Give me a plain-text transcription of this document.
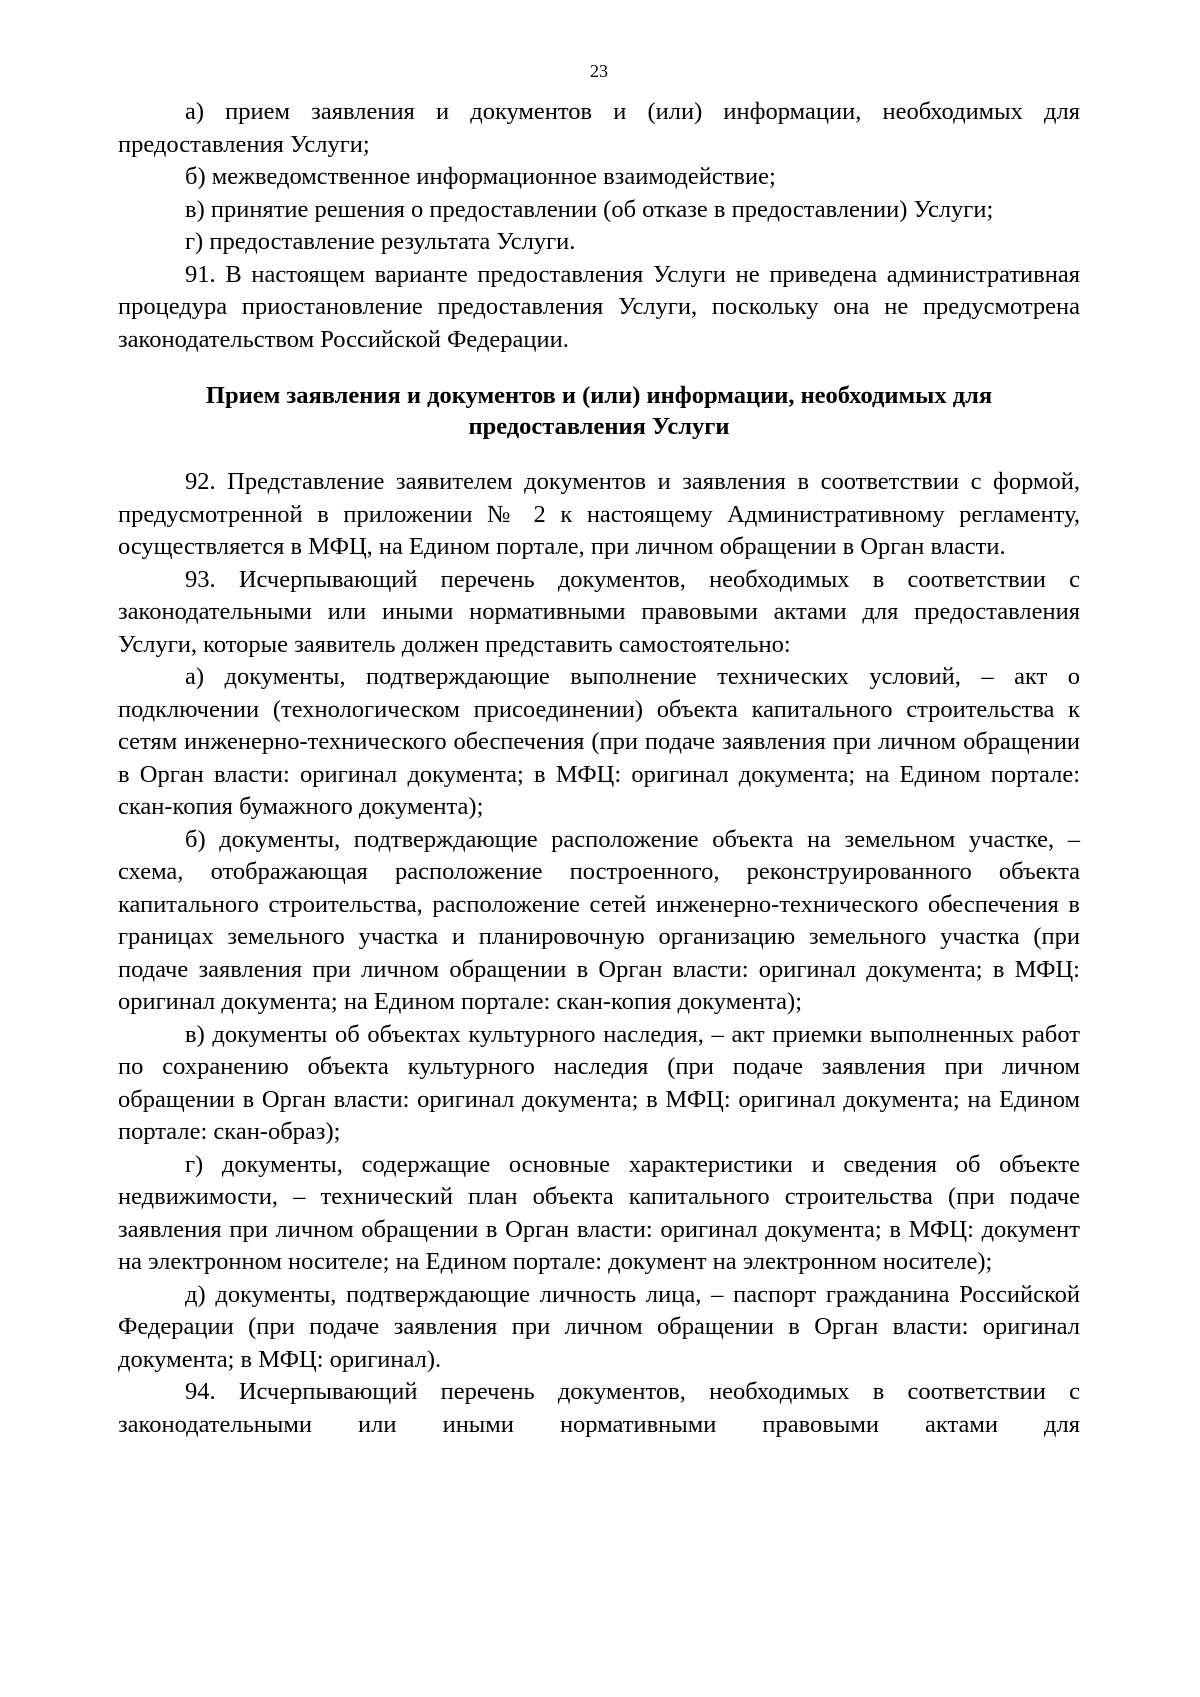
23

а) прием заявления и документов и (или) информации, необходимых для предоставления Услуги;

б) межведомственное информационное взаимодействие;

в) принятие решения о предоставлении (об отказе в предоставлении) Услуги;

г) предоставление результата Услуги.

91. В настоящем варианте предоставления Услуги не приведена административная процедура приостановление предоставления Услуги, поскольку она не предусмотрена законодательством Российской Федерации.

Прием заявления и документов и (или) информации, необходимых для предоставления Услуги

92. Представление заявителем документов и заявления в соответствии с формой, предусмотренной в приложении № 2 к настоящему Административному регламенту, осуществляется в МФЦ, на Едином портале, при личном обращении в Орган власти.

93. Исчерпывающий перечень документов, необходимых в соответствии с законодательными или иными нормативными правовыми актами для предоставления Услуги, которые заявитель должен представить самостоятельно:

а) документы, подтверждающие выполнение технических условий, – акт о подключении (технологическом присоединении) объекта капитального строительства к сетям инженерно-технического обеспечения (при подаче заявления при личном обращении в Орган власти: оригинал документа; в МФЦ: оригинал документа; на Едином портале: скан-копия бумажного документа);

б) документы, подтверждающие расположение объекта на земельном участке, – схема, отображающая расположение построенного, реконструированного объекта капитального строительства, расположение сетей инженерно-технического обеспечения в границах земельного участка и планировочную организацию земельного участка (при подаче заявления при личном обращении в Орган власти: оригинал документа; в МФЦ: оригинал документа; на Едином портале: скан-копия документа);

в) документы об объектах культурного наследия, – акт приемки выполненных работ по сохранению объекта культурного наследия (при подаче заявления при личном обращении в Орган власти: оригинал документа; в МФЦ: оригинал документа; на Едином портале: скан-образ);

г) документы, содержащие основные характеристики и сведения об объекте недвижимости, – технический план объекта капитального строительства (при подаче заявления при личном обращении в Орган власти: оригинал документа; в МФЦ: документ на электронном носителе; на Едином портале: документ на электронном носителе);

д) документы, подтверждающие личность лица, – паспорт гражданина Российской Федерации (при подаче заявления при личном обращении в Орган власти: оригинал документа; в МФЦ: оригинал).

94. Исчерпывающий перечень документов, необходимых в соответствии с законодательными или иными нормативными правовыми актами для
